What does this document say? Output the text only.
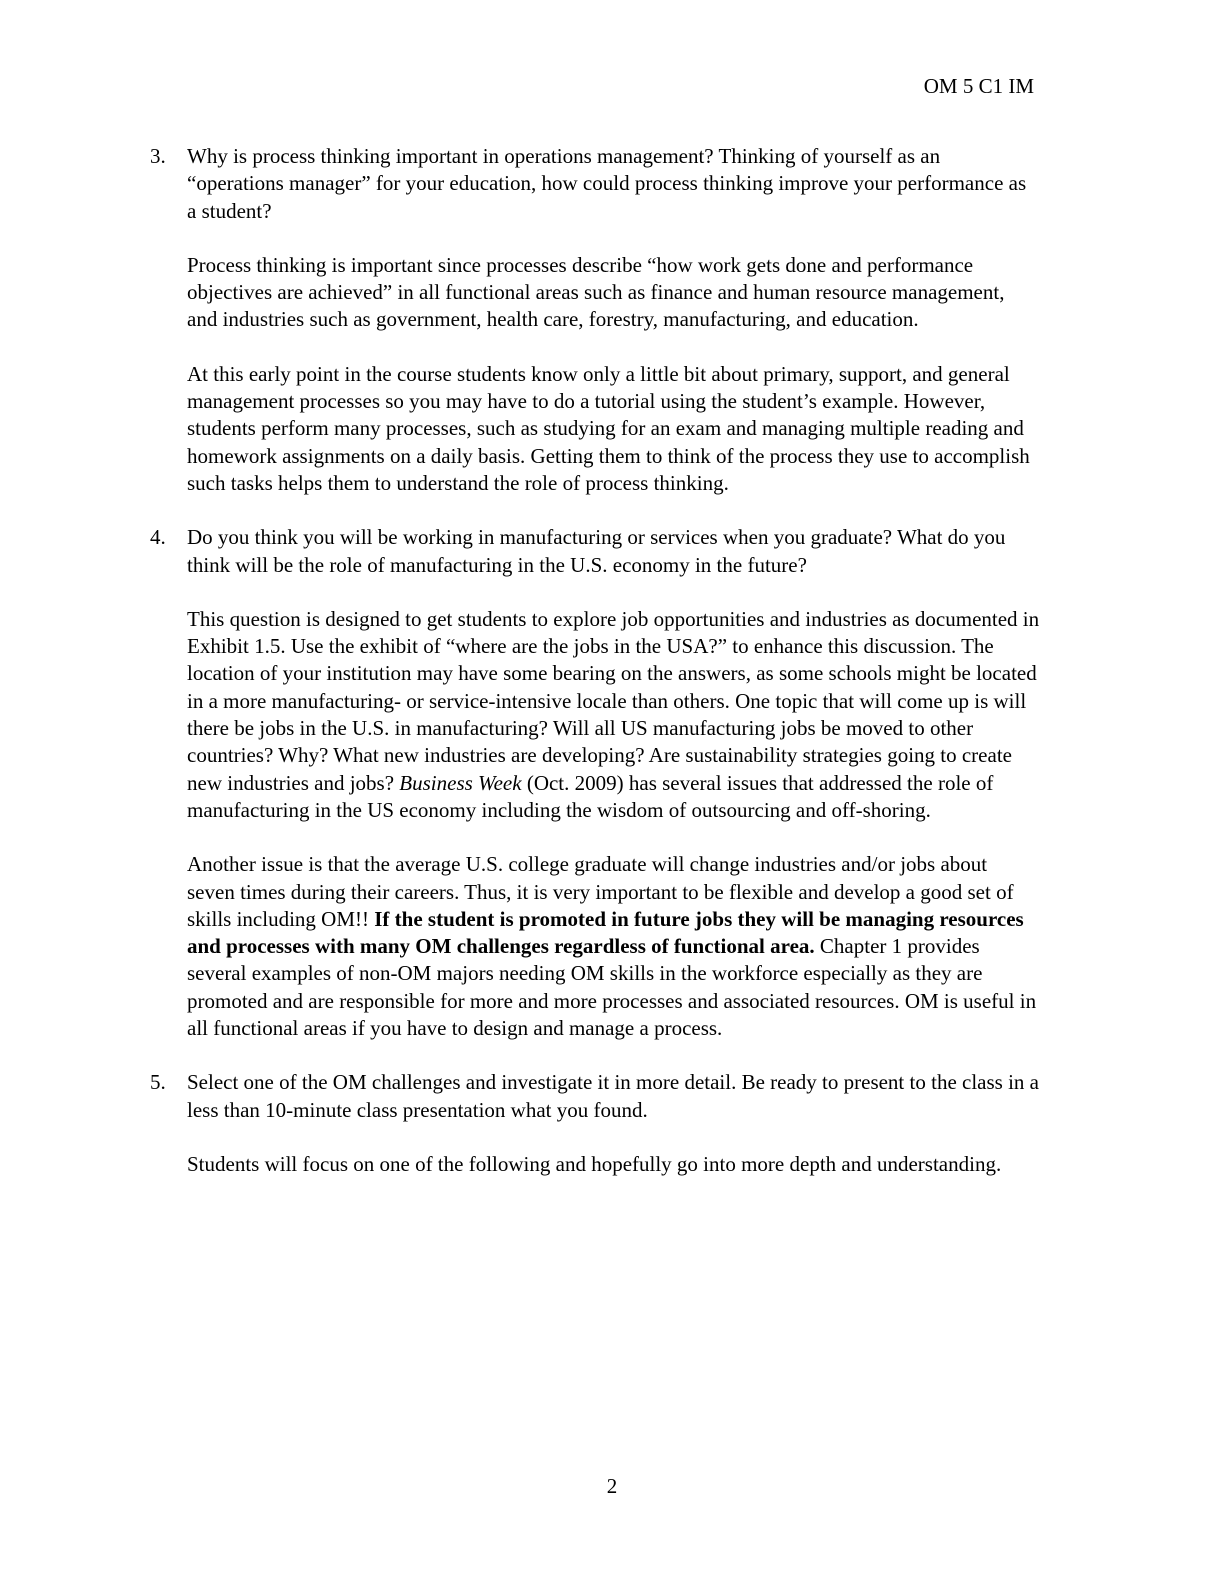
OM 5 C1 IM
3. Why is process thinking important in operations management? Thinking of yourself as an “operations manager” for your education, how could process thinking improve your performance as a student?

Process thinking is important since processes describe “how work gets done and performance objectives are achieved” in all functional areas such as finance and human resource management, and industries such as government, health care, forestry, manufacturing, and education.

At this early point in the course students know only a little bit about primary, support, and general management processes so you may have to do a tutorial using the student’s example. However, students perform many processes, such as studying for an exam and managing multiple reading and homework assignments on a daily basis. Getting them to think of the process they use to accomplish such tasks helps them to understand the role of process thinking.

4. Do you think you will be working in manufacturing or services when you graduate? What do you think will be the role of manufacturing in the U.S. economy in the future?

This question is designed to get students to explore job opportunities and industries as documented in Exhibit 1.5. Use the exhibit of “where are the jobs in the USA?” to enhance this discussion. The location of your institution may have some bearing on the answers, as some schools might be located in a more manufacturing- or service-intensive locale than others. One topic that will come up is will there be jobs in the U.S. in manufacturing? Will all US manufacturing jobs be moved to other countries? Why? What new industries are developing? Are sustainability strategies going to create new industries and jobs? Business Week (Oct. 2009) has several issues that addressed the role of manufacturing in the US economy including the wisdom of outsourcing and off-shoring.

Another issue is that the average U.S. college graduate will change industries and/or jobs about seven times during their careers. Thus, it is very important to be flexible and develop a good set of skills including OM!! If the student is promoted in future jobs they will be managing resources and processes with many OM challenges regardless of functional area. Chapter 1 provides several examples of non-OM majors needing OM skills in the workforce especially as they are promoted and are responsible for more and more processes and associated resources. OM is useful in all functional areas if you have to design and manage a process.

5. Select one of the OM challenges and investigate it in more detail. Be ready to present to the class in a less than 10-minute class presentation what you found.

Students will focus on one of the following and hopefully go into more depth and understanding.

2
